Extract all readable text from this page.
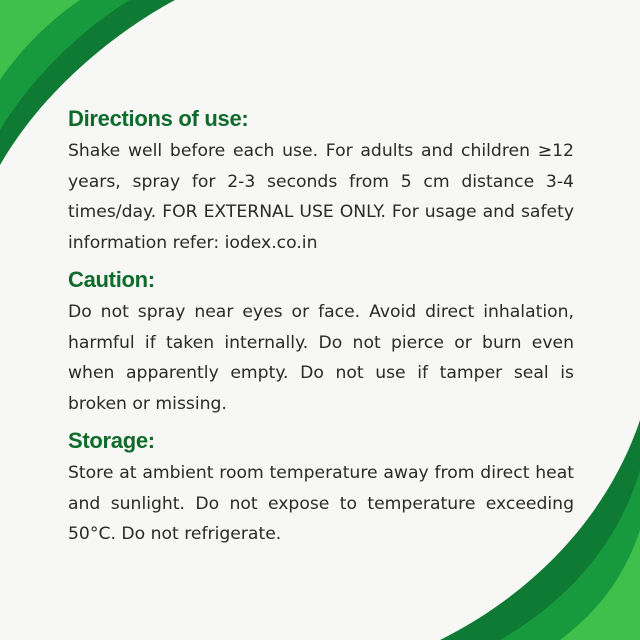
Directions of use:

Shake well before each use. For adults and children ≥12 years, spray for 2-3 seconds from 5 cm distance 3-4 times/day. FOR EXTERNAL USE ONLY. For usage and safety information refer: iodex.co.in

Caution:

Do not spray near eyes or face. Avoid direct inhalation, harmful if taken internally. Do not pierce or burn even when apparently empty. Do not use if tamper seal is broken or missing.

Storage:

Store at ambient room temperature away from direct heat and sunlight. Do not expose to temperature exceeding 50°C. Do not refrigerate.
